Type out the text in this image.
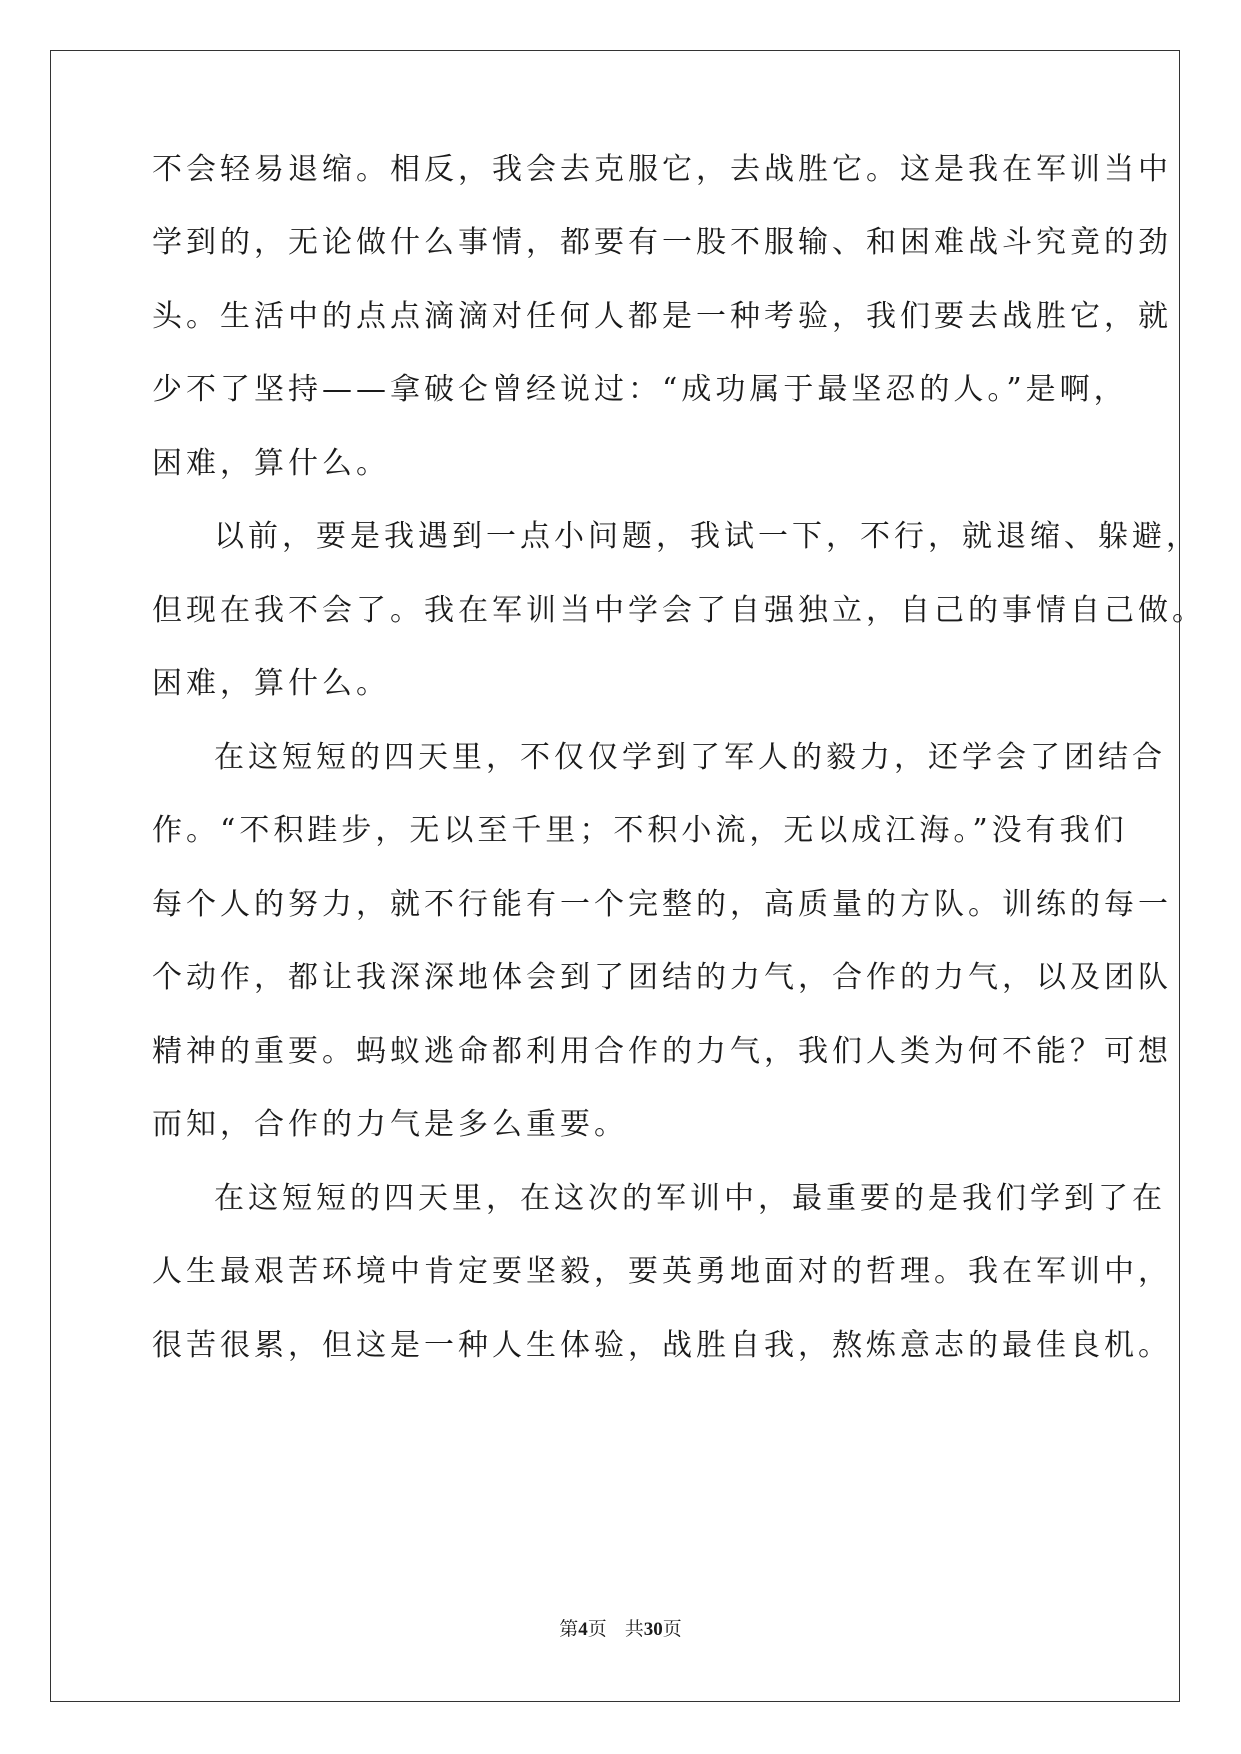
不会轻易退缩。相反，我会去克服它，去战胜它。这是我在军训当中
学到的，无论做什么事情，都要有一股不服输、和困难战斗究竟的劲
头。生活中的点点滴滴对任何人都是一种考验，我们要去战胜它，就
少不了坚持——拿破仑曾经说过：“成功属于最坚忍的人。”是啊，
困难，算什么。
以前，要是我遇到一点小问题，我试一下，不行，就退缩、躲避，
但现在我不会了。我在军训当中学会了自强独立，自己的事情自己做。
困难，算什么。
在这短短的四天里，不仅仅学到了军人的毅力，还学会了团结合
作。“不积跬步，无以至千里；不积小流，无以成江海。”没有我们
每个人的努力，就不行能有一个完整的，高质量的方队。训练的每一
个动作，都让我深深地体会到了团结的力气，合作的力气，以及团队
精神的重要。蚂蚁逃命都利用合作的力气，我们人类为何不能？可想
而知，合作的力气是多么重要。
在这短短的四天里，在这次的军训中，最重要的是我们学到了在
人生最艰苦环境中肯定要坚毅，要英勇地面对的哲理。我在军训中，
很苦很累，但这是一种人生体验，战胜自我，熬炼意志的最佳良机。
第4页 共30页
